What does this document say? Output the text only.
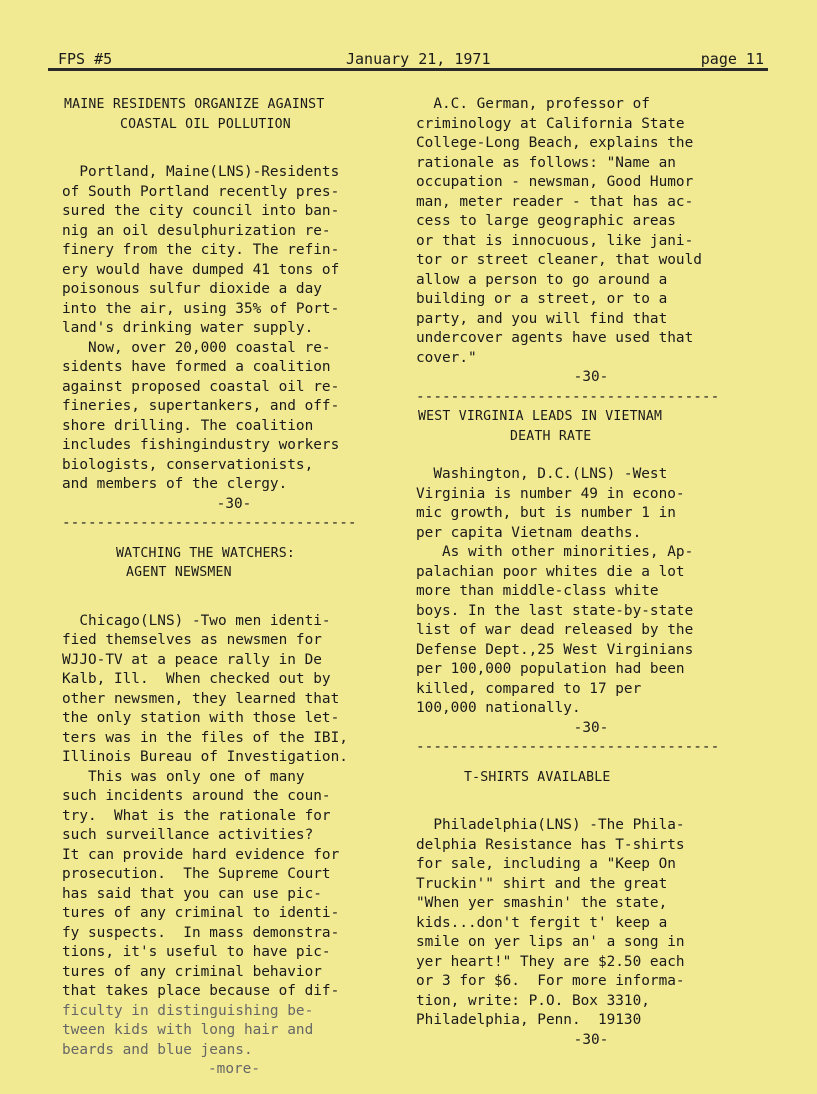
FPS #5	January 21, 1971	page 11

MAINE RESIDENTS ORGANIZE AGAINST

COASTAL OIL POLLUTION

Portland, Maine(LNS)-Residents

of South Portland recently pres-

sured the city council into ban-

nig an oil desulphurization re-

finery from the city. The refin-

ery would have dumped 41 tons of

poisonous sulfur dioxide a day

into the air, using 35% of Port-

land's drinking water supply.

Now, over 20,000 coastal re-

sidents have formed a coalition

against proposed coastal oil re-

fineries, supertankers, and off-

shore drilling. The coalition

includes fishingindustry workers

biologists, conservationists,

and members of the clergy.

-30-

----------------------------------

WATCHING THE WATCHERS:

AGENT NEWSMEN

Chicago(LNS) -Two men identi-

fied themselves as newsmen for

WJJO-TV at a peace rally in De

Kalb, Ill.  When checked out by

other newsmen, they learned that

the only station with those let-

ters was in the files of the IBI,

Illinois Bureau of Investigation.

This was only one of many

such incidents around the coun-

try.  What is the rationale for

such surveillance activities?

It can provide hard evidence for

prosecution.  The Supreme Court

has said that you can use pic-

tures of any criminal to identi-

fy suspects.  In mass demonstra-

tions, it's useful to have pic-

tures of any criminal behavior

that takes place because of dif-

ficulty in distinguishing be-

tween kids with long hair and

beards and blue jeans.

-more-

A.C. German, professor of

criminology at California State

College-Long Beach, explains the

rationale as follows: "Name an

occupation - newsman, Good Humor

man, meter reader - that has ac-

cess to large geographic areas

or that is innocuous, like jani-

tor or street cleaner, that would

allow a person to go around a

building or a street, or to a

party, and you will find that

undercover agents have used that

cover."

-30-

-----------------------------------

WEST VIRGINIA LEADS IN VIETNAM

DEATH RATE

Washington, D.C.(LNS) -West

Virginia is number 49 in econo-

mic growth, but is number 1 in

per capita Vietnam deaths.

As with other minorities, Ap-

palachian poor whites die a lot

more than middle-class white

boys. In the last state-by-state

list of war dead released by the

Defense Dept.,25 West Virginians

per 100,000 population had been

killed, compared to 17 per

100,000 nationally.

-30-

-----------------------------------

T-SHIRTS AVAILABLE

Philadelphia(LNS) -The Phila-

delphia Resistance has T-shirts

for sale, including a "Keep On

Truckin'" shirt and the great

"When yer smashin' the state,

kids...don't fergit t' keep a

smile on yer lips an' a song in

yer heart!" They are $2.50 each

or 3 for $6.  For more informa-

tion, write: P.O. Box 3310,

Philadelphia, Penn.  19130

-30-
